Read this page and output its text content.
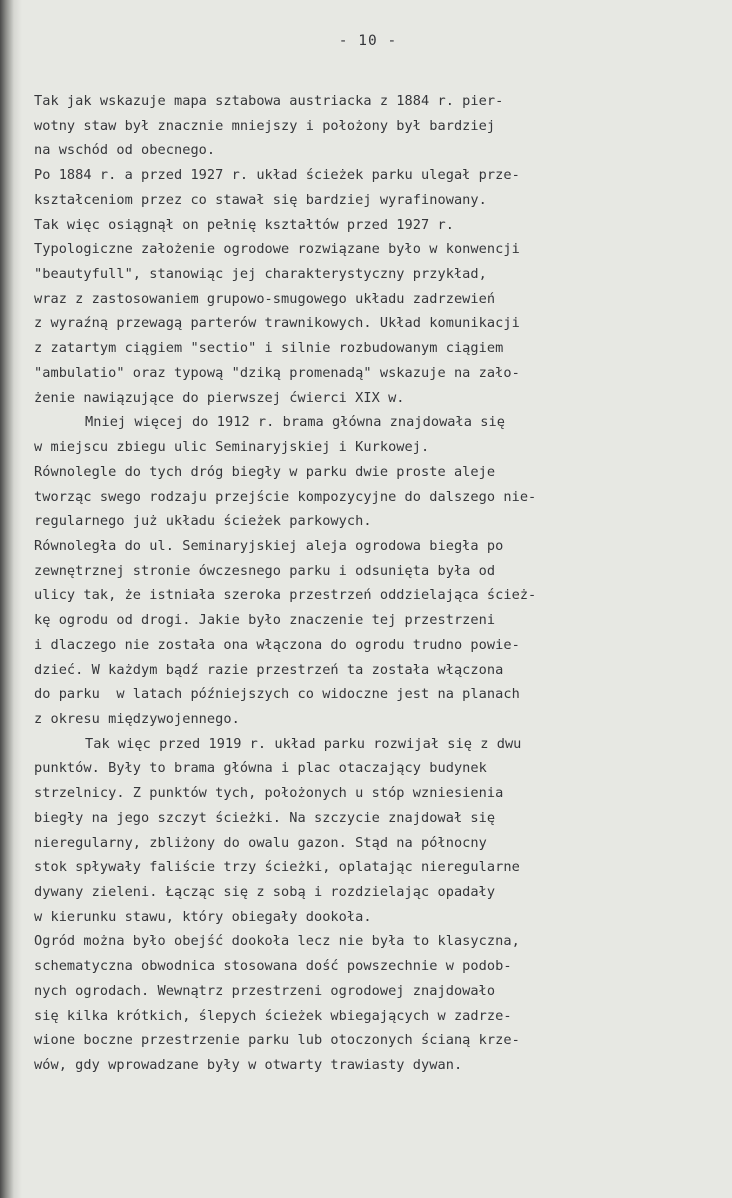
- 10 -
Tak jak wskazuje mapa sztabowa austriacka z 1884 r. pier-
wotny staw był znacznie mniejszy i położony był bardziej
na wschód od obecnego.
Po 1884 r. a przed 1927 r. układ ścieżek parku ulegał prze-
kształceniom przez co stawał się bardziej wyrafinowany.
Tak więc osiągnął on pełnię kształtów przed 1927 r.
Typologiczne założenie ogrodowe rozwiązane było w konwencji
"beautyfull", stanowiąc jej charakterystyczny przykład,
wraz z zastosowaniem grupowo-smugowego układu zadrzewień
z wyraźną przewagą parterów trawnikowych. Układ komunikacji
z zatartym ciągiem "sectio" i silnie rozbudowanym ciągiem
"ambulatio" oraz typową "dziką promenadą" wskazuje na zało-
żenie nawiązujące do pierwszej ćwierci XIX w.
Mniej więcej do 1912 r. brama główna znajdowała się
w miejscu zbiegu ulic Seminaryjskiej i Kurkowej.
Równolegle do tych dróg biegły w parku dwie proste aleje
tworząc swego rodzaju przejście kompozycyjne do dalszego nie-
regularnego już układu ścieżek parkowych.
Równoległa do ul. Seminaryjskiej aleja ogrodowa biegła po
zewnętrznej stronie ówczesnego parku i odsunięta była od
ulicy tak, że istniała szeroka przestrzeń oddzielająca ścież-
kę ogrodu od drogi. Jakie było znaczenie tej przestrzeni
i dlaczego nie została ona włączona do ogrodu trudno powie-
dzieć. W każdym bądź razie przestrzeń ta została włączona
do parku  w latach późniejszych co widoczne jest na planach
z okresu międzywojennego.
Tak więc przed 1919 r. układ parku rozwijał się z dwu
punktów. Były to brama główna i plac otaczający budynek
strzelnicy. Z punktów tych, położonych u stóp wzniesienia
biegły na jego szczyt ścieżki. Na szczycie znajdował się
nieregularny, zbliżony do owalu gazon. Stąd na północny
stok spływały faliście trzy ścieżki, oplatając nieregularne
dywany zieleni. Łącząc się z sobą i rozdzielając opadały
w kierunku stawu, który obiegały dookoła.
Ogród można było obejść dookoła lecz nie była to klasyczna,
schematyczna obwodnica stosowana dość powszechnie w podob-
nych ogrodach. Wewnątrz przestrzeni ogrodowej znajdowało
się kilka krótkich, ślepych ścieżek wbiegających w zadrze-
wione boczne przestrzenie parku lub otoczonych ścianą krze-
wów, gdy wprowadzane były w otwarty trawiasty dywan.
